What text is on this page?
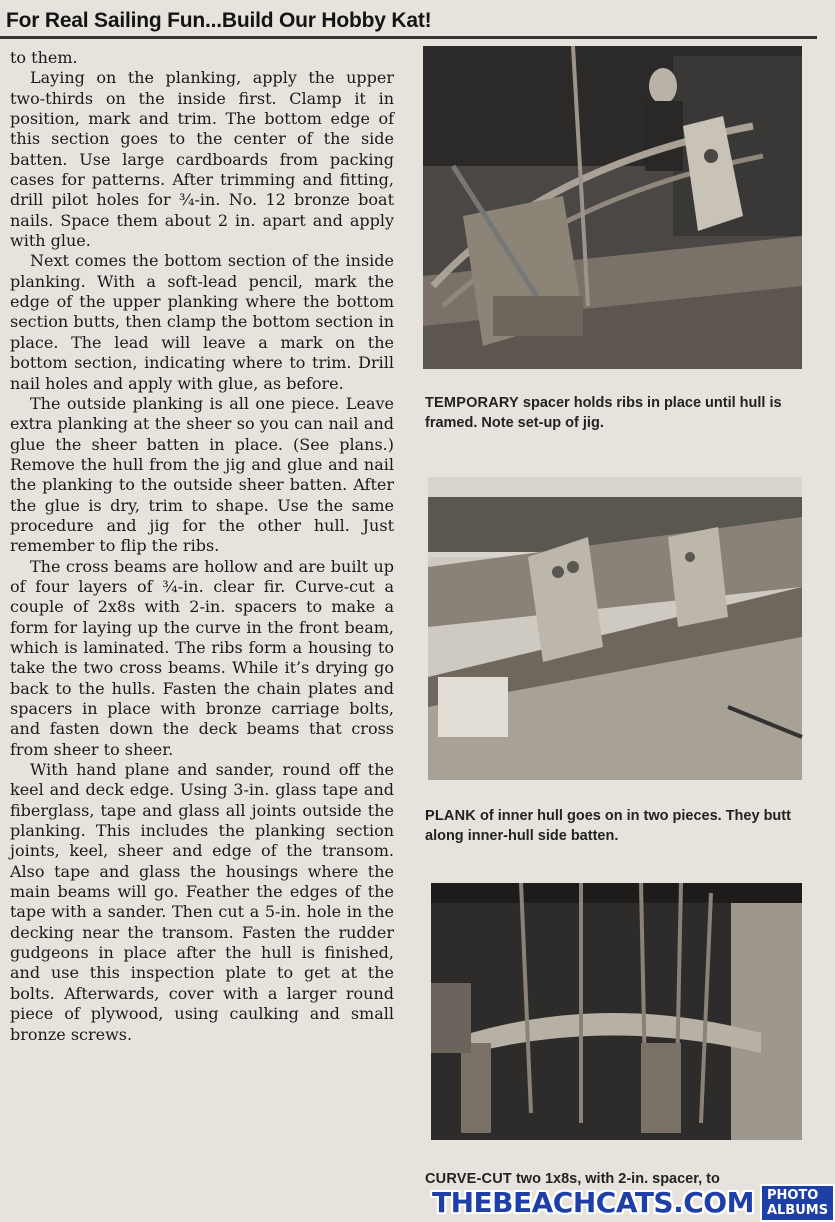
For Real Sailing Fun...Build Our Hobby Kat!

to them.

Laying on the planking, apply the upper two-thirds on the inside first. Clamp it in position, mark and trim. The bottom edge of this section goes to the center of the side batten. Use large cardboards from packing cases for patterns. After trimming and fitting, drill pilot holes for ¾-in. No. 12 bronze boat nails. Space them about 2 in. apart and apply with glue.

Next comes the bottom section of the inside planking. With a soft-lead pencil, mark the edge of the upper planking where the bottom section butts, then clamp the bottom section in place. The lead will leave a mark on the bottom section, indicating where to trim. Drill nail holes and apply with glue, as before.

The outside planking is all one piece. Leave extra planking at the sheer so you can nail and glue the sheer batten in place. (See plans.) Remove the hull from the jig and glue and nail the planking to the outside sheer batten. After the glue is dry, trim to shape. Use the same procedure and jig for the other hull. Just remember to flip the ribs.

The cross beams are hollow and are built up of four layers of ¾-in. clear fir. Curve-cut a couple of 2x8s with 2-in. spacers to make a form for laying up the curve in the front beam, which is laminated. The ribs form a housing to take the two cross beams. While it’s drying go back to the hulls. Fasten the chain plates and spacers in place with bronze carriage bolts, and fasten down the deck beams that cross from sheer to sheer.

With hand plane and sander, round off the keel and deck edge. Using 3-in. glass tape and fiberglass, tape and glass all joints outside the planking. This includes the planking section joints, keel, sheer and edge of the transom. Also tape and glass the housings where the main beams will go. Feather the edges of the tape with a sander. Then cut a 5-in. hole in the decking near the transom. Fasten the rudder gudgeons in place after the hull is finished, and use this inspection plate to get at the bolts. Afterwards, cover with a larger round piece of plywood, using caulking and small bronze screws.

TEMPORARY spacer holds ribs in place until hull is framed. Note set-up of jig.
PLANK of inner hull goes on in two pieces. They butt along inner-hull side batten.
CURVE-CUT two 1x8s, with 2-in. spacer, to
THEBEACHCATS.COM	PHOTO ALBUMS
